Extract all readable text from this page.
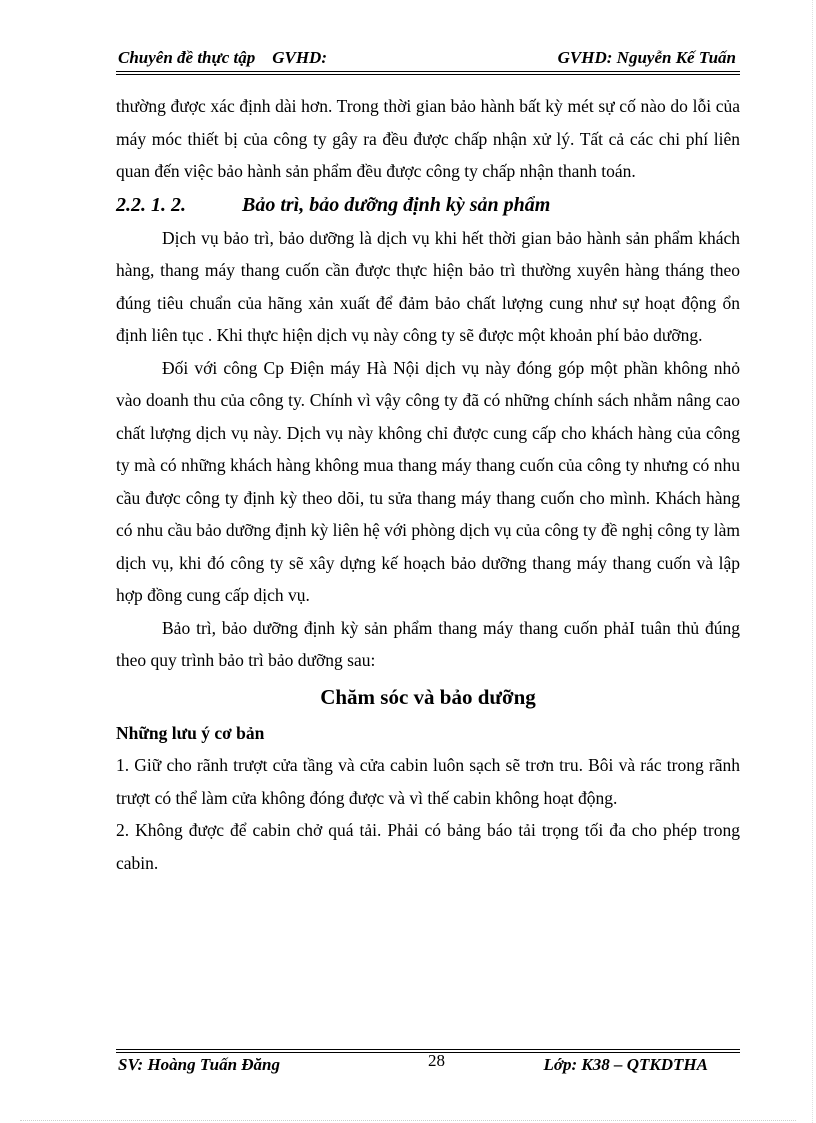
Chuyên đề thực tập    GVHD:	GVHD: Nguyễn Kế Tuấn

thường được xác định dài hơn. Trong thời gian bảo hành bất kỳ mét sự cố nào do lỗi của máy móc thiết bị của công ty gây ra đều được chấp nhận xử lý. Tất cả các chi phí liên quan đến việc bảo hành sản phẩm đều được công ty chấp nhận thanh toán.

2.2. 1. 2.	Bảo trì, bảo dưỡng định kỳ sản phẩm

Dịch vụ bảo trì, bảo dưỡng là dịch vụ khi hết thời gian bảo hành sản phẩm khách hàng, thang máy thang cuốn cần được thực hiện bảo trì thường xuyên hàng tháng theo đúng tiêu chuẩn của hãng xản xuất để đảm bảo chất lượng cung như sự hoạt động ổn định liên tục . Khi thực hiện dịch vụ này công ty sẽ được một khoản phí bảo dưỡng.

Đối với công Cp Điện máy Hà Nội dịch vụ này đóng góp một phần không nhỏ vào doanh thu của công ty. Chính vì vậy công ty đã có những chính sách nhằm nâng cao chất lượng dịch vụ này. Dịch vụ này không chỉ được cung cấp cho khách hàng của công ty mà có những khách hàng không mua thang máy thang cuốn của công ty nhưng có nhu cầu được công ty định kỳ theo dõi, tu sửa thang máy thang cuốn cho mình. Khách hàng có nhu cầu bảo dưỡng định kỳ liên hệ với phòng dịch vụ của công ty đề nghị công ty làm dịch vụ, khi đó công ty sẽ xây dựng kế hoạch bảo dưỡng thang máy thang cuốn và lập hợp đồng cung cấp dịch vụ.

Bảo trì, bảo dưỡng định kỳ sản phẩm thang máy thang cuốn phảI tuân thủ đúng theo quy trình bảo trì bảo dưỡng sau:

Chăm sóc và bảo dưỡng

Những lưu ý cơ bản

1. Giữ cho rãnh trượt cửa tầng và cửa cabin luôn sạch sẽ trơn tru. Bôi và rác trong rãnh trượt có thể làm cửa không đóng được và vì thế cabin không hoạt động.

2. Không được để cabin chở quá tải. Phải có bảng báo tải trọng tối đa cho phép trong cabin.

SV: Hoàng Tuấn Đăng	28	Lớp: K38 – QTKDTHA
